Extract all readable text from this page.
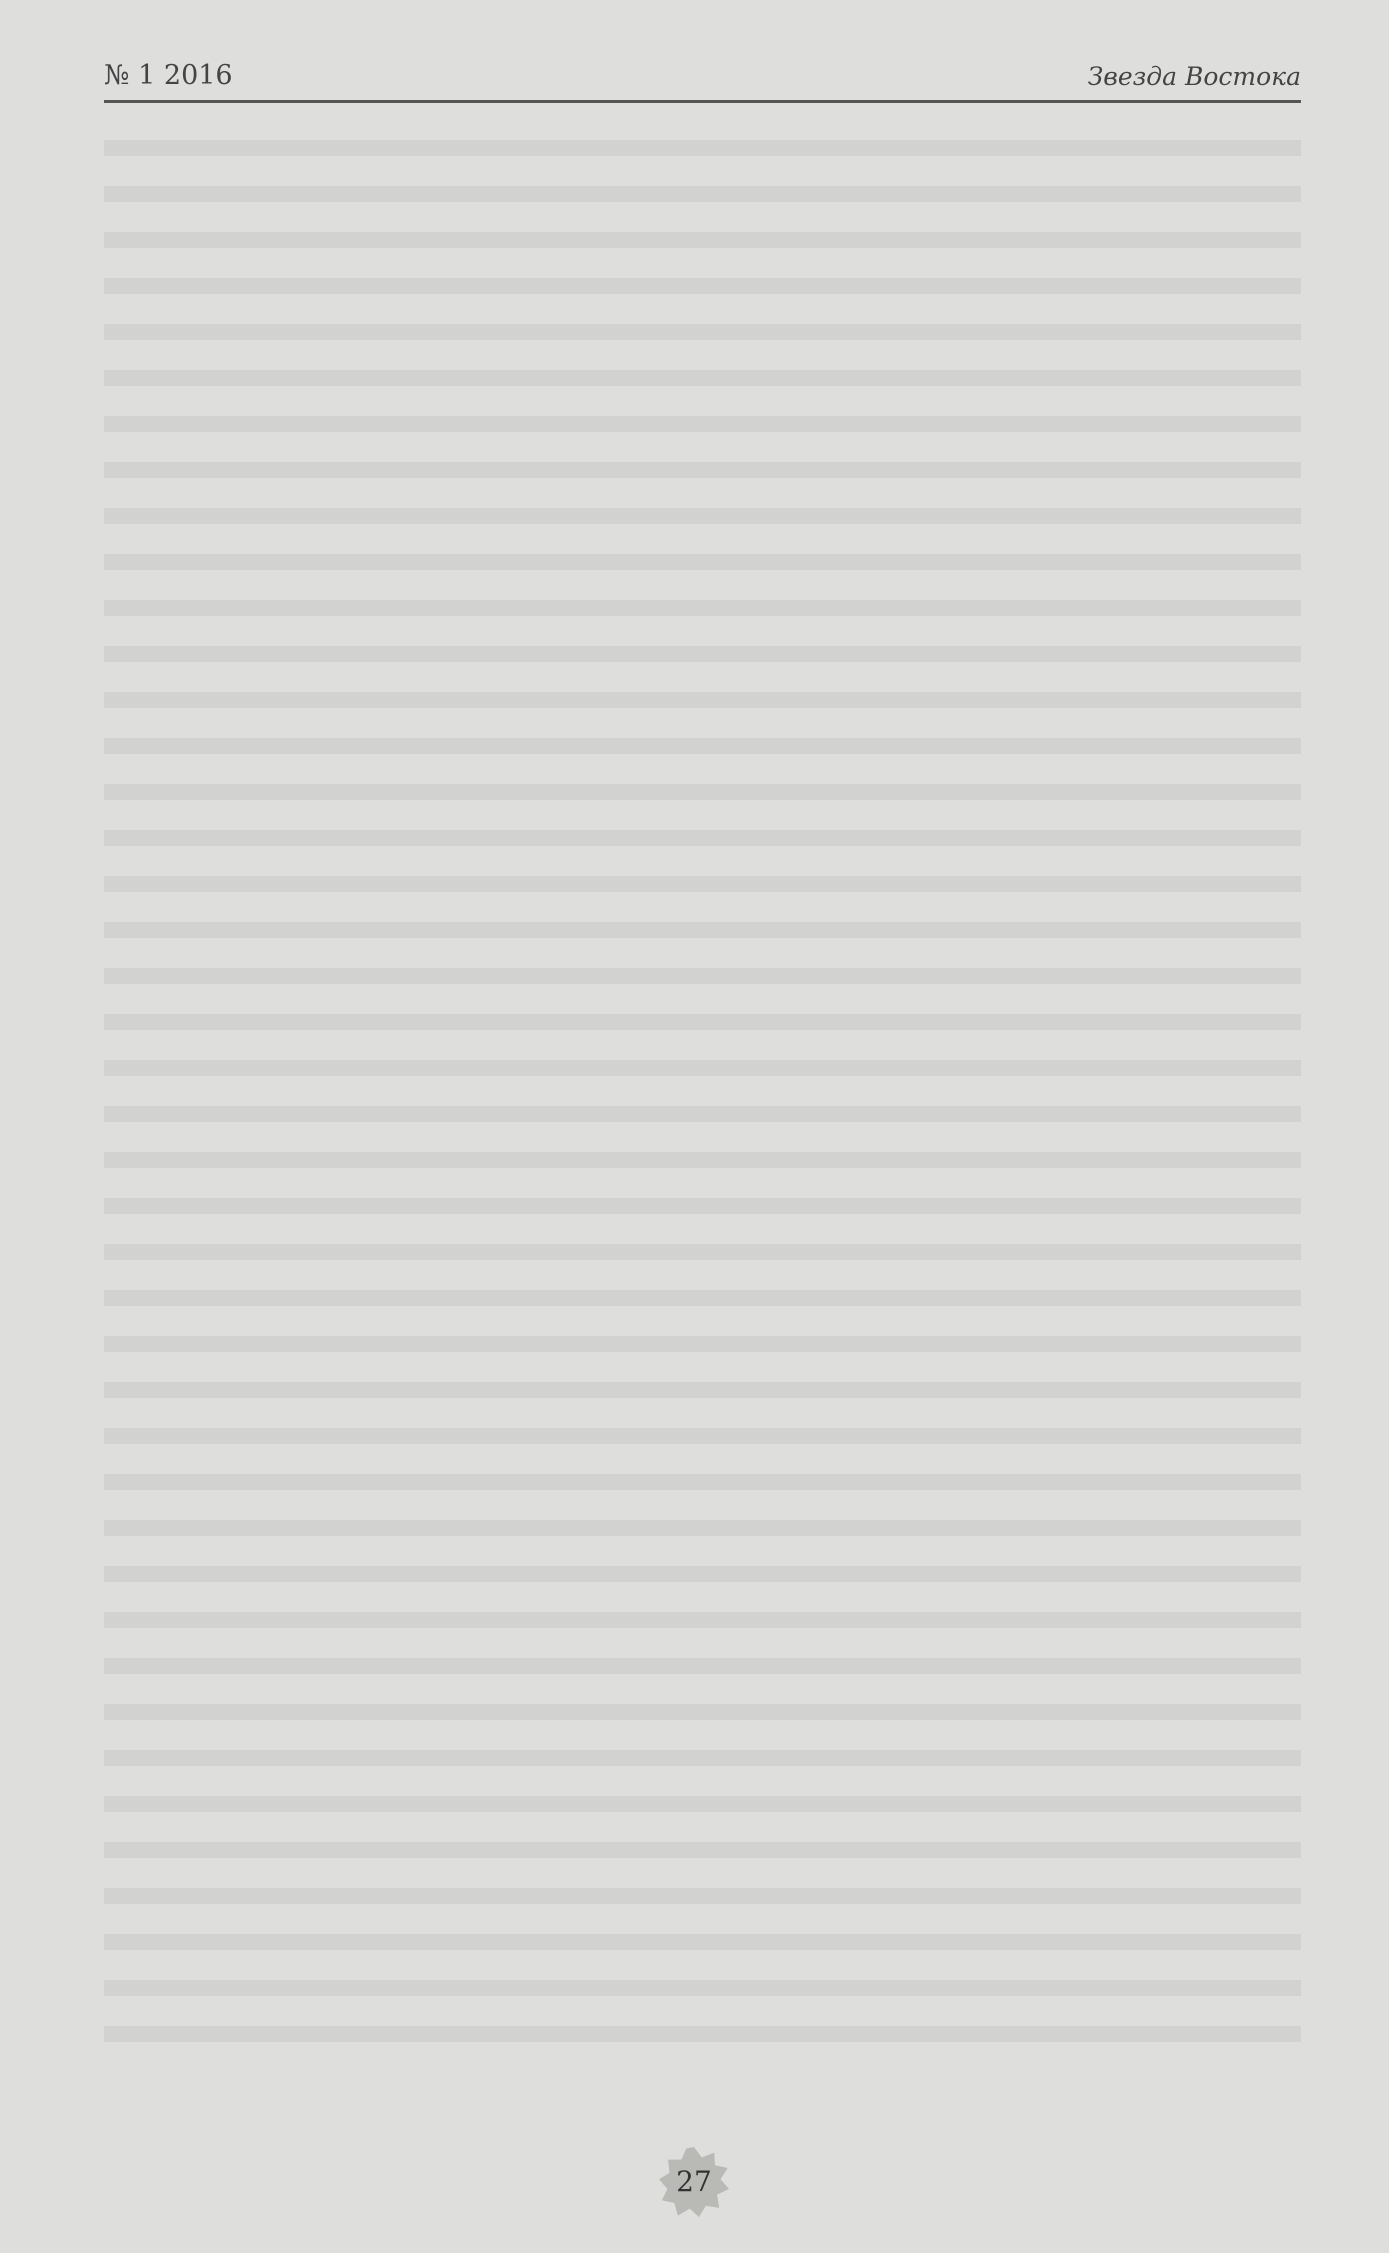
№ 1 2016	Звезда Востока
27
